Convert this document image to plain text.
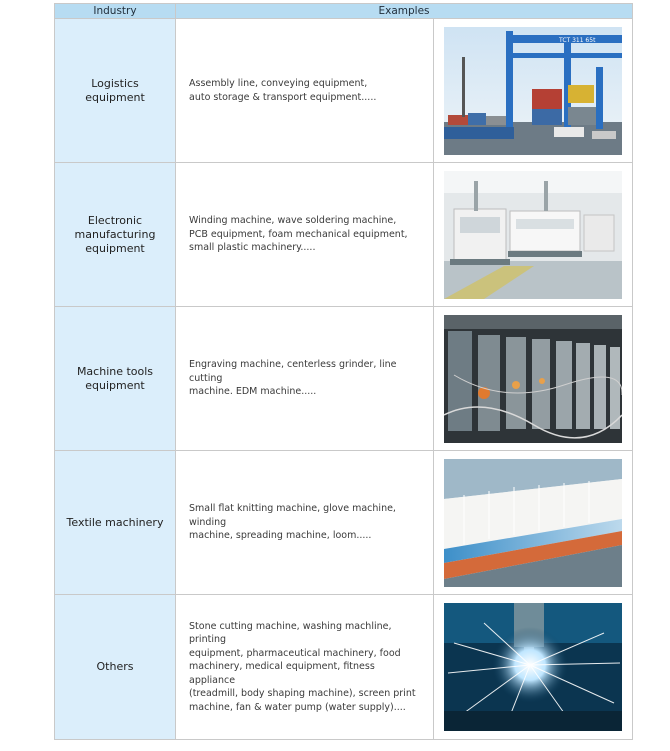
Industry	Examples
Logistics
equipment
Assembly line, conveying equipment,
auto storage & transport equipment.....
TCT 311 65t
Electronic
manufacturing
equipment
Winding machine, wave soldering machine,
PCB equipment, foam mechanical equipment,
small plastic machinery.....
Machine tools
equipment
Engraving machine, centerless grinder, line cutting
machine. EDM machine.....
Textile machinery
Small flat knitting machine, glove machine, winding
machine, spreading machine, loom.....
Others
Stone cutting machine, washing machline, printing
equipment, pharmaceutical machinery, food
machinery, medical equipment, fitness appliance
(treadmill, body shaping machine), screen print
machine, fan & water pump (water supply)....
